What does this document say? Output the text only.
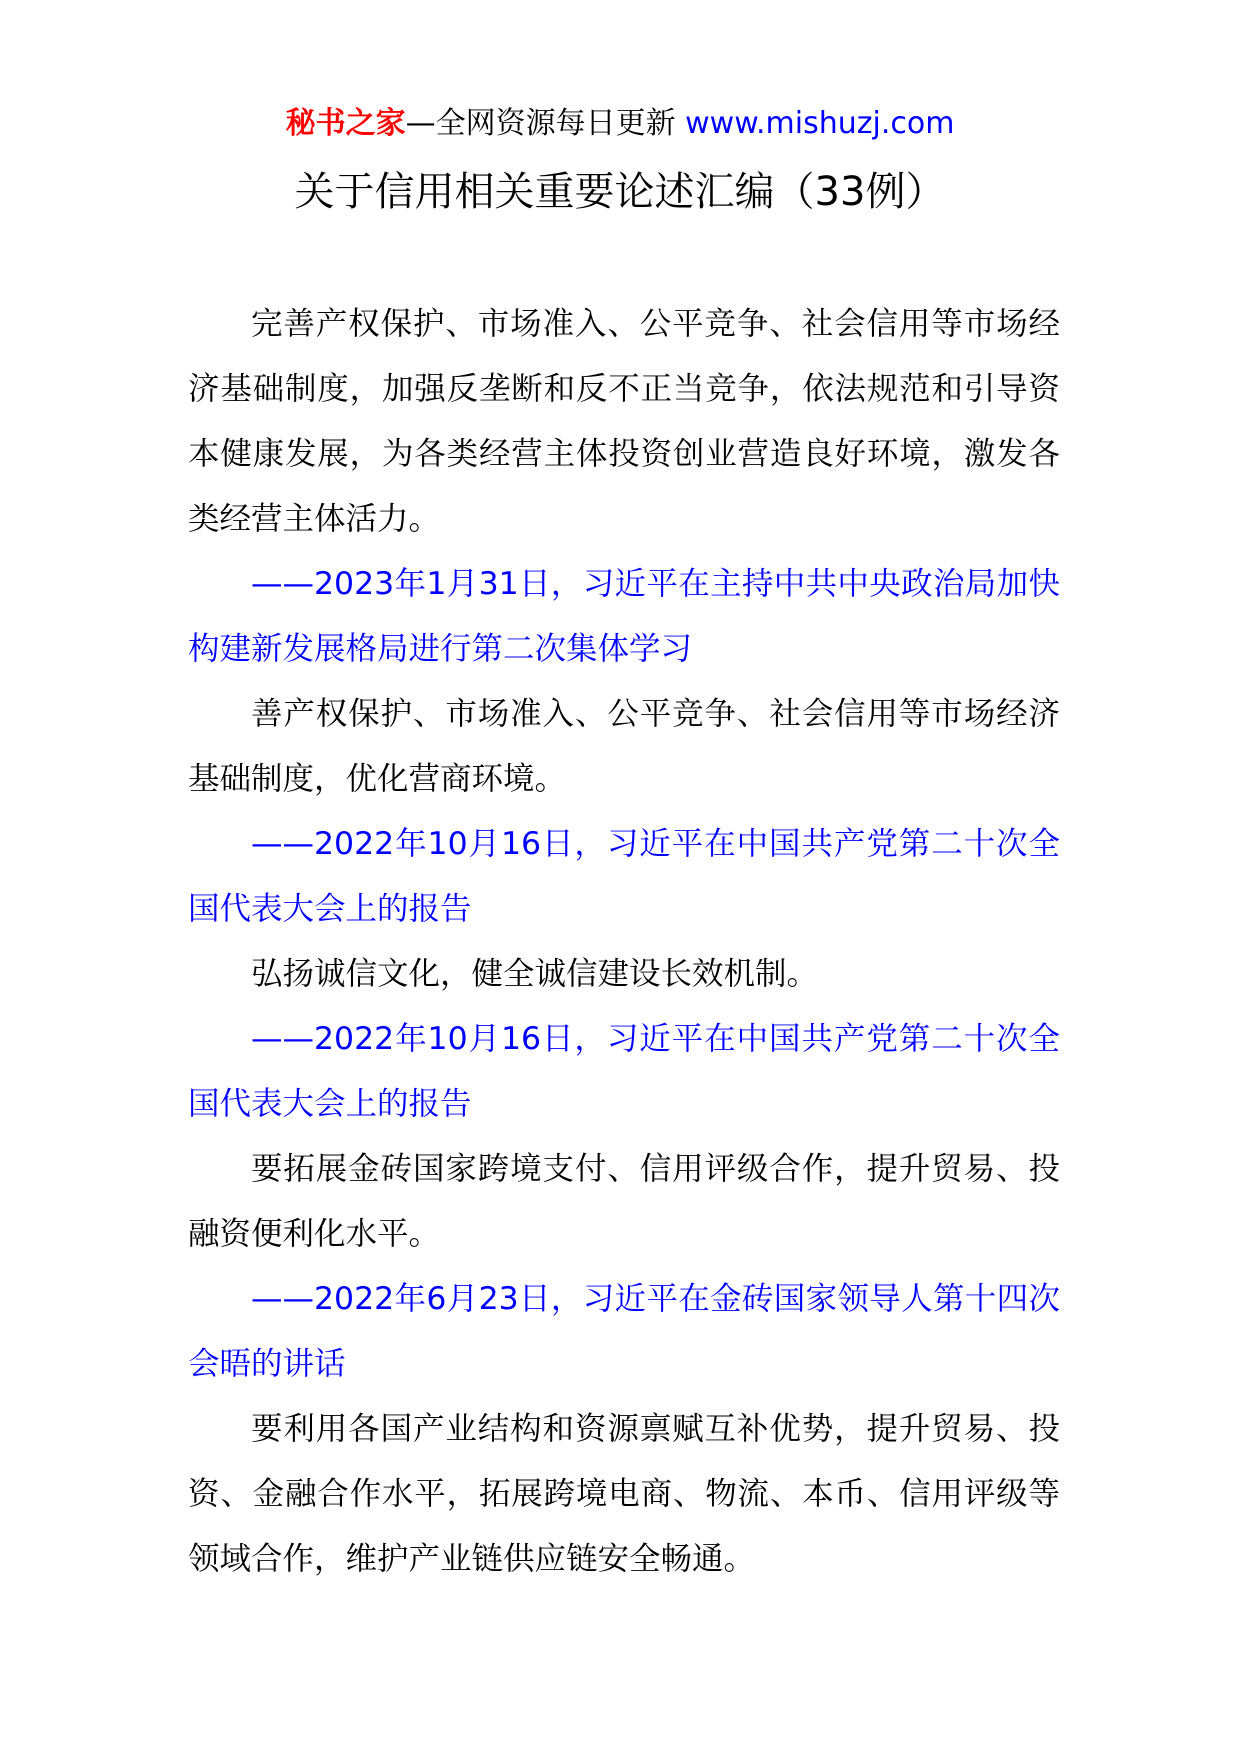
秘书之家—全网资源每日更新 www.mishuzj.com
关于信用相关重要论述汇编（33例）

完善产权保护、市场准入、公平竞争、社会信用等市场经济基础制度，加强反垄断和反不正当竞争，依法规范和引导资本健康发展，为各类经营主体投资创业营造良好环境，激发各类经营主体活力。

——2023年1月31日，习近平在主持中共中央政治局加快构建新发展格局进行第二次集体学习

善产权保护、市场准入、公平竞争、社会信用等市场经济基础制度，优化营商环境。

——2022年10月16日，习近平在中国共产党第二十次全国代表大会上的报告

弘扬诚信文化，健全诚信建设长效机制。

——2022年10月16日，习近平在中国共产党第二十次全国代表大会上的报告

要拓展金砖国家跨境支付、信用评级合作，提升贸易、投融资便利化水平。

——2022年6月23日，习近平在金砖国家领导人第十四次会晤的讲话

要利用各国产业结构和资源禀赋互补优势，提升贸易、投资、金融合作水平，拓展跨境电商、物流、本币、信用评级等领域合作，维护产业链供应链安全畅通。
